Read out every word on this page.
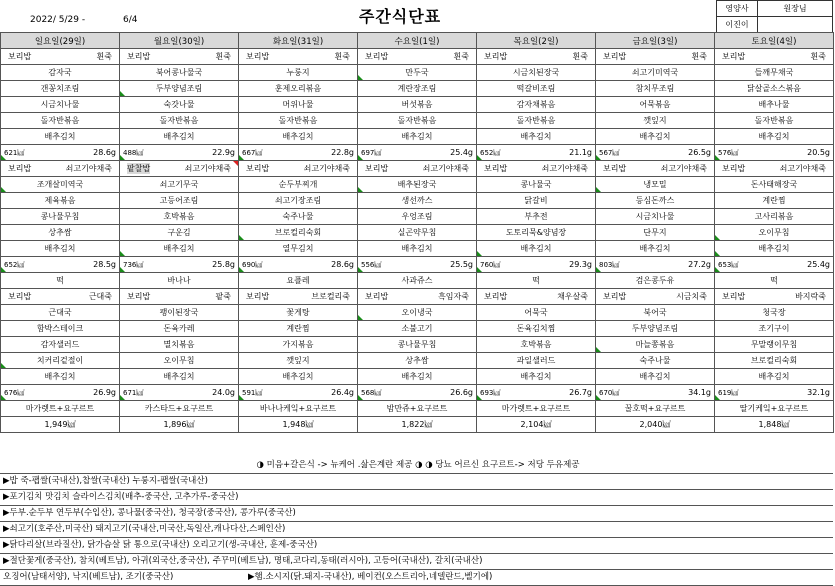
2022/ 5/29 -	6/4	주간식단표	영양사	원장님
이진이	
일요일(29일)	월요일(30일)	화요일(31일)	수요일(1일)	목요일(2일)	금요일(3일)	토요일(4일)

보리밥 흰죽	보리밥 흰죽	보리밥 흰죽	보리밥 흰죽	보리밥 흰죽	보리밥 흰죽	보리밥 흰죽

감자국	북어콩나물국	누룽지	만두국	시금치된장국	쇠고기미역국	들깨무채국
갠꽁치조림	두부양념조림	훈제오리볶음	계란장조림	떡갈비조림	참치무조림	닭살골소스볶음
시금치나물	숙갓나물	머위나물	버섯볶음	감자채볶음	어묵볶음	배추나물
돌자반볶음	돌자반볶음	돌자반볶음	돌자반볶음	돌자반볶음	깻잎지	돌자반볶음
배추김치	배추김치	배추김치	배추김치	배추김치	배추김치	배추김치

621㎉ 28.6g	488㎉ 22.9g	667㎉ 22.8g	697㎉ 25.4g	652㎉ 21.1g	567㎉ 26.5g	576㎉ 20.5g

보리밥 쇠고기야채죽	팥찰밥 쇠고기야채죽	보리밥 쇠고기야채죽	보리밥 쇠고기야채죽	보리밥 쇠고기야채죽	보리밥 쇠고기야채죽	보리밥 쇠고기야채죽

조개살미역국	쇠고기무국	순두부찌개	배추된장국	콩나물국	냉모밀	돈사태해장국
제육볶음	고등어조림	쇠고기장조림	생선까스	닭갈비	등심돈까스	계란찜
콩나물무침	호박볶음	숙주나물	우엉조림	부추전	시금치나물	고사리볶음
상추쌈	구운김	브로컬리숙회	실곤약무침	도토리묵&양념장	단무지	오이무침

배추김치	배추김치	열무김치	배추김치	배추김치	배추김치	배추김치

652㎉ 28.5g	736㎉ 25.8g	690㎉ 28.6g	556㎉ 25.5g	760㎉ 29.3g	803㎉ 27.2g	653㎉ 25.4g

떡	바나나	요플레	사과쥬스	떡	검은콩두유	떡

보리밥 근대죽	보리밥 팥죽	보리밥 브로컬리죽	보리밥 흑임자죽	보리밥 채우살죽	보리밥 시금치죽	보리밥 바지락죽

근대국	팽이된장국	꽃게탕	오이냉국	어묵국	북어국	청국장
함박스테이크	돈육카레	계란찜	소불고기	돈육김치찜	두부양념조림	조기구이
감자샐러드	멸치볶음	가지볶음	콩나물무침	호박볶음	마늘쫑볶음	무말랭이무침
치커리겉절이	오이무침	깻잎지	상추쌈	과일샐러드	숙주나물	브로컬리숙회
배추김치	배추김치	배추김치	배추김치	배추김치	배추김치	배추김치

676㎉ 26.9g	671㎉ 24.0g	591㎉ 26.4g	568㎉ 26.6g	693㎉ 26.7g	670㎉ 34.1g	619㎉ 32.1g

마가렛트+요구르트	카스타드+요구르트	바나나케잌+요구르트	밤만쥬+요구르트	마가렛트+요구르트	꿀호떡+요구르트	딸기케잌+요구르트
1,949㎉	1,896㎉	1,948㎉	1,822㎉	2,104㎉	2,040㎉	1,848㎉
◑ 미음+갈은식 -> 뉴케어 .삶은계란 제공 ◑ ◑ 당뇨 어르신 요구르트-> 저당 두유제공
▶밥 죽-팹쌀(국내산),찹쌀(국내산) 누룽지-팹쌀(국내산)
▶포기김치 맛김치 슬라이스김치(배추-중국산, 고추가루-중국산)
▶두부.순두부 연두부(수입산), 콩나물(중국산), 청국장(중국산), 콩가루(중국산)
▶쇠고기(호주산,미국산) 돼지고기(국내산,미국산,독일산,캐나다산,스페인산)
▶닭다리살(브라질산), 닭가슴살 닭 통으로(국내산) 오리고기(생-국내산, 훈제-중국산)
▶절단꽃게(중국산), 참치(베트남), 아귀(외국산,중국산), 주꾸미(베트남), 명태,코다리,동태(러시아), 고등어(국내산), 갈치(국내산)
오징어(남태서양), 낙지(베트남), 조기(중국산)	▶햄.소시지(닭.돼지-국내산), 베이컨(오스트리아,네델란드,벨기에)
